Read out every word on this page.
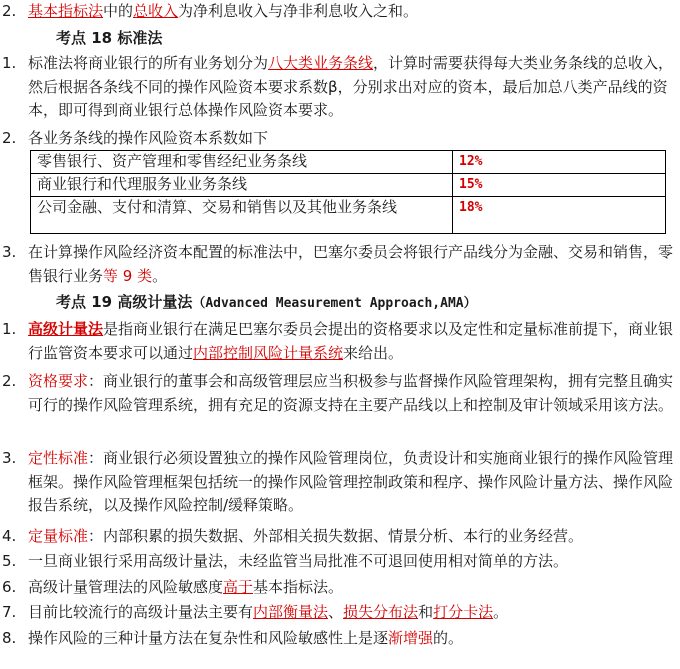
2. 基本指标法中的总收入为净利息收入与净非利息收入之和。
考点 18 标准法
1. 标准法将商业银行的所有业务划分为八大类业务条线，计算时需要获得每大类业务条线的总收入，然后根据各条线不同的操作风险资本要求系数β，分别求出对应的资本，最后加总八类产品线的资本，即可得到商业银行总体操作风险资本要求。
2. 各业务条线的操作风险资本系数如下
零售银行、资产管理和零售经纪业务条线	12%
商业银行和代理服务业业务条线	15%
公司金融、支付和清算、交易和销售以及其他业务条线	18%
3. 在计算操作风险经济资本配置的标准法中，巴塞尔委员会将银行产品线分为金融、交易和销售，零售银行业务等 9 类。
考点 19 高级计量法（Advanced Measurement Approach,AMA）
1. 高级计量法是指商业银行在满足巴塞尔委员会提出的资格要求以及定性和定量标准前提下，商业银行监管资本要求可以通过内部控制风险计量系统来给出。
2. 资格要求：商业银行的董事会和高级管理层应当积极参与监督操作风险管理架构，拥有完整且确实可行的操作风险管理系统，拥有充足的资源支持在主要产品线以上和控制及审计领域采用该方法。
3. 定性标准：商业银行必须设置独立的操作风险管理岗位，负责设计和实施商业银行的操作风险管理框架。操作风险管理框架包括统一的操作风险管理控制政策和程序、操作风险计量方法、操作风险报告系统，以及操作风险控制/缓释策略。
4. 定量标准：内部积累的损失数据、外部相关损失数据、情景分析、本行的业务经营。
5. 一旦商业银行采用高级计量法，未经监管当局批准不可退回使用相对简单的方法。
6. 高级计量管理法的风险敏感度高于基本指标法。
7. 目前比较流行的高级计量法主要有内部衡量法、损失分布法和打分卡法。
8. 操作风险的三种计量方法在复杂性和风险敏感性上是逐渐增强的。
